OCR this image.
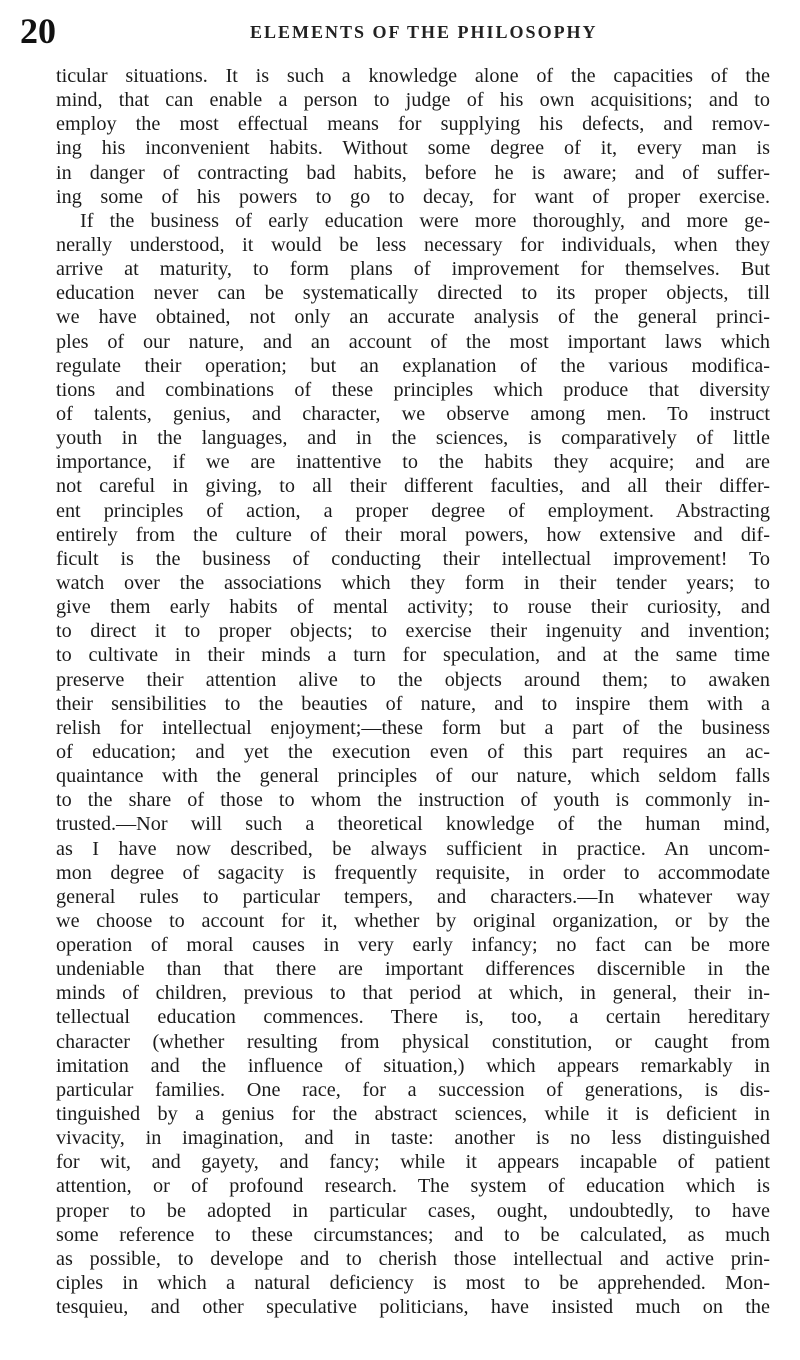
20	ELEMENTS OF THE PHILOSOPHY
ticular situations. It is such a knowledge alone of the capacities of the
mind, that can enable a person to judge of his own acquisitions; and to
employ the most effectual means for supplying his defects, and remov-
ing his inconvenient habits. Without some degree of it, every man is
in danger of contracting bad habits, before he is aware; and of suffer-
ing some of his powers to go to decay, for want of proper exercise.
If the business of early education were more thoroughly, and more ge-
nerally understood, it would be less necessary for individuals, when they
arrive at maturity, to form plans of improvement for themselves. But
education never can be systematically directed to its proper objects, till
we have obtained, not only an accurate analysis of the general princi-
ples of our nature, and an account of the most important laws which
regulate their operation; but an explanation of the various modifica-
tions and combinations of these principles which produce that diversity
of talents, genius, and character, we observe among men. To instruct
youth in the languages, and in the sciences, is comparatively of little
importance, if we are inattentive to the habits they acquire; and are
not careful in giving, to all their different faculties, and all their differ-
ent principles of action, a proper degree of employment. Abstracting
entirely from the culture of their moral powers, how extensive and dif-
ficult is the business of conducting their intellectual improvement! To
watch over the associations which they form in their tender years; to
give them early habits of mental activity; to rouse their curiosity, and
to direct it to proper objects; to exercise their ingenuity and invention;
to cultivate in their minds a turn for speculation, and at the same time
preserve their attention alive to the objects around them; to awaken
their sensibilities to the beauties of nature, and to inspire them with a
relish for intellectual enjoyment;—these form but a part of the business
of education; and yet the execution even of this part requires an ac-
quaintance with the general principles of our nature, which seldom falls
to the share of those to whom the instruction of youth is commonly in-
trusted.—Nor will such a theoretical knowledge of the human mind,
as I have now described, be always sufficient in practice. An uncom-
mon degree of sagacity is frequently requisite, in order to accommodate
general rules to particular tempers, and characters.—In whatever way
we choose to account for it, whether by original organization, or by the
operation of moral causes in very early infancy; no fact can be more
undeniable than that there are important differences discernible in the
minds of children, previous to that period at which, in general, their in-
tellectual education commences. There is, too, a certain hereditary
character (whether resulting from physical constitution, or caught from
imitation and the influence of situation,) which appears remarkably in
particular families. One race, for a succession of generations, is dis-
tinguished by a genius for the abstract sciences, while it is deficient in
vivacity, in imagination, and in taste: another is no less distinguished
for wit, and gayety, and fancy; while it appears incapable of patient
attention, or of profound research. The system of education which is
proper to be adopted in particular cases, ought, undoubtedly, to have
some reference to these circumstances; and to be calculated, as much
as possible, to develope and to cherish those intellectual and active prin-
ciples in which a natural deficiency is most to be apprehended. Mon-
tesquieu, and other speculative politicians, have insisted much on the
